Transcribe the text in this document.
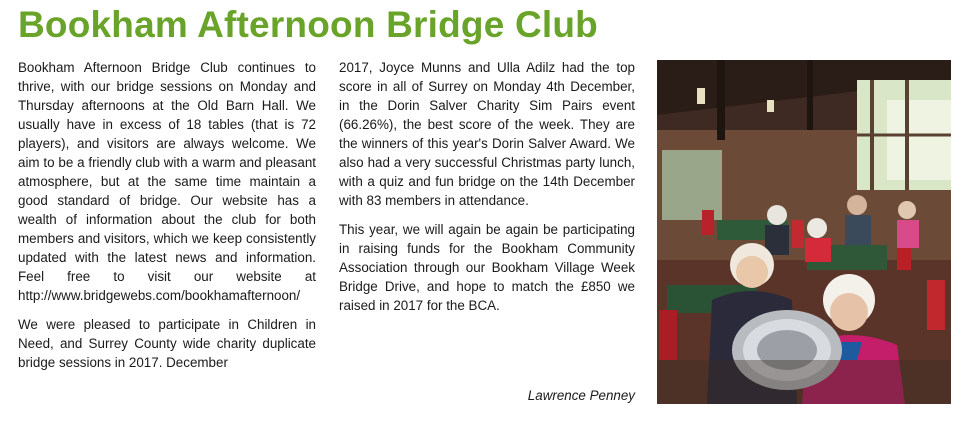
Bookham Afternoon Bridge Club

Bookham Afternoon Bridge Club continues to thrive, with our bridge sessions on Monday and Thursday afternoons at the Old Barn Hall. We usually have in excess of 18 tables (that is 72 players), and visitors are always welcome. We aim to be a friendly club with a warm and pleasant atmosphere, but at the same time maintain a good standard of bridge. Our website has a wealth of information about the club for both members and visitors, which we keep consistently updated with the latest news and information. Feel free to visit our website at http://www.bridgewebs.com/bookhamafternoon/

We were pleased to participate in Children in Need, and Surrey County wide charity duplicate bridge sessions in 2017. December

2017, Joyce Munns and Ulla Adilz had the top score in all of Surrey on Monday 4th December, in the Dorin Salver Charity Sim Pairs event (66.26%), the best score of the week. They are the winners of this year's Dorin Salver Award. We also had a very successful Christmas party lunch, with a quiz and fun bridge on the 14th December with 83 members in attendance.

This year, we will again be again be participating in raising funds for the Bookham Community Association through our Bookham Village Week Bridge Drive, and hope to match the £850 we raised in 2017 for the BCA.

Lawrence Penney
